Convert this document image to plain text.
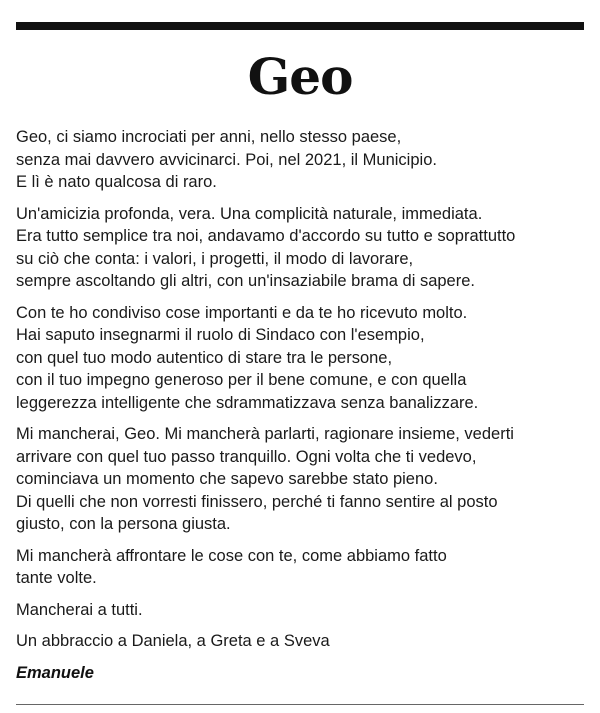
Geo

Geo, ci siamo incrociati per anni, nello stesso paese,
senza mai davvero avvicinarci. Poi, nel 2021, il Municipio.
E lì è nato qualcosa di raro.

Un'amicizia profonda, vera. Una complicità naturale, immediata.
Era tutto semplice tra noi, andavamo d'accordo su tutto e soprattutto
su ciò che conta: i valori, i progetti, il modo di lavorare,
sempre ascoltando gli altri, con un'insaziabile brama di sapere.

Con te ho condiviso cose importanti e da te ho ricevuto molto.
Hai saputo insegnarmi il ruolo di Sindaco con l'esempio,
con quel tuo modo autentico di stare tra le persone,
con il tuo impegno generoso per il bene comune, e con quella
leggerezza intelligente che sdrammatizzava senza banalizzare.

Mi mancherai, Geo. Mi mancherà parlarti, ragionare insieme, vederti
arrivare con quel tuo passo tranquillo. Ogni volta che ti vedevo,
cominciava un momento che sapevo sarebbe stato pieno.
Di quelli che non vorresti finissero, perché ti fanno sentire al posto
giusto, con la persona giusta.

Mi mancherà affrontare le cose con te, come abbiamo fatto
tante volte.

Mancherai a tutti.

Un abbraccio a Daniela, a Greta e a Sveva

Emanuele
